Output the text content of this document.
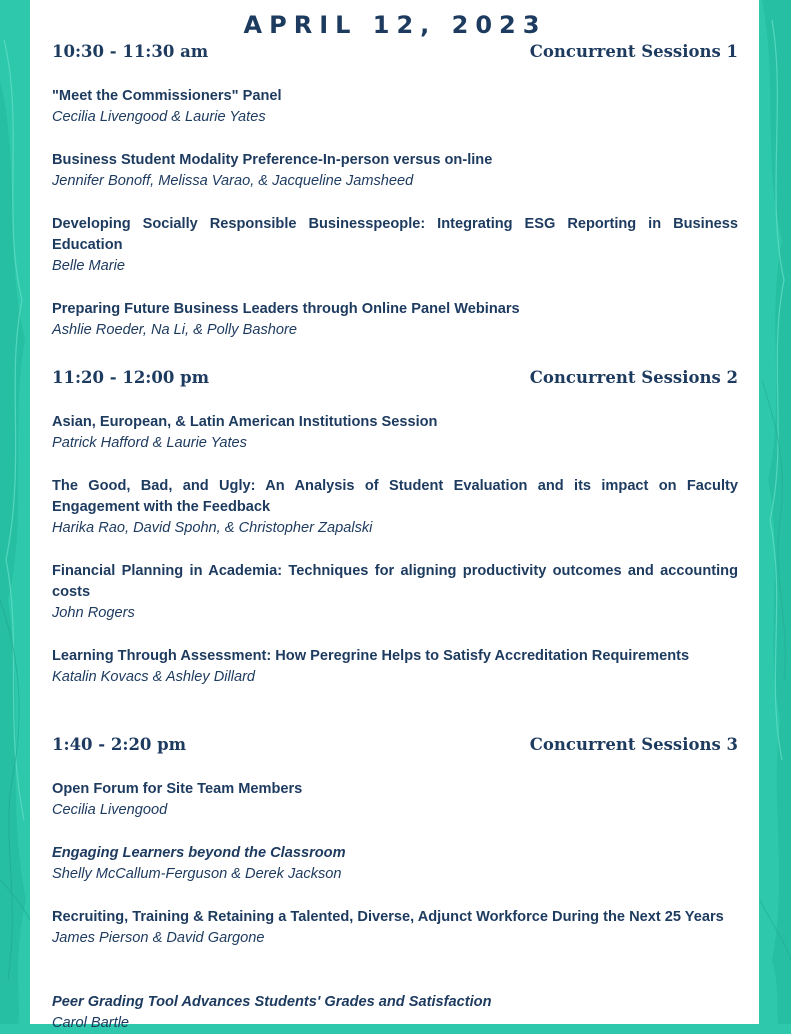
APRIL 12, 2023
10:30 - 11:30 am	Concurrent Sessions 1
"Meet the Commissioners" Panel
Cecilia Livengood & Laurie Yates
Business Student Modality Preference-In-person versus on-line
Jennifer Bonoff, Melissa Varao, & Jacqueline Jamsheed
Developing Socially Responsible Businesspeople: Integrating ESG Reporting in Business Education
Belle Marie
Preparing Future Business Leaders through Online Panel Webinars
Ashlie Roeder, Na Li, & Polly Bashore
11:20 - 12:00 pm	Concurrent Sessions 2
Asian, European, & Latin American Institutions Session
Patrick Hafford & Laurie Yates
The Good, Bad, and Ugly: An Analysis of Student Evaluation and its impact on Faculty Engagement with the Feedback
Harika Rao, David Spohn, & Christopher Zapalski
Financial Planning in Academia: Techniques for aligning productivity outcomes and accounting costs
John Rogers
Learning Through Assessment: How Peregrine Helps to Satisfy Accreditation Requirements
Katalin Kovacs & Ashley Dillard
1:40 - 2:20 pm	Concurrent Sessions 3
Open Forum for Site Team Members
Cecilia Livengood
Engaging Learners beyond the Classroom
Shelly McCallum-Ferguson & Derek Jackson
Recruiting, Training & Retaining a Talented, Diverse, Adjunct Workforce During the Next 25 Years
James Pierson & David Gargone
Peer Grading Tool Advances Students' Grades and Satisfaction
Carol Bartle
